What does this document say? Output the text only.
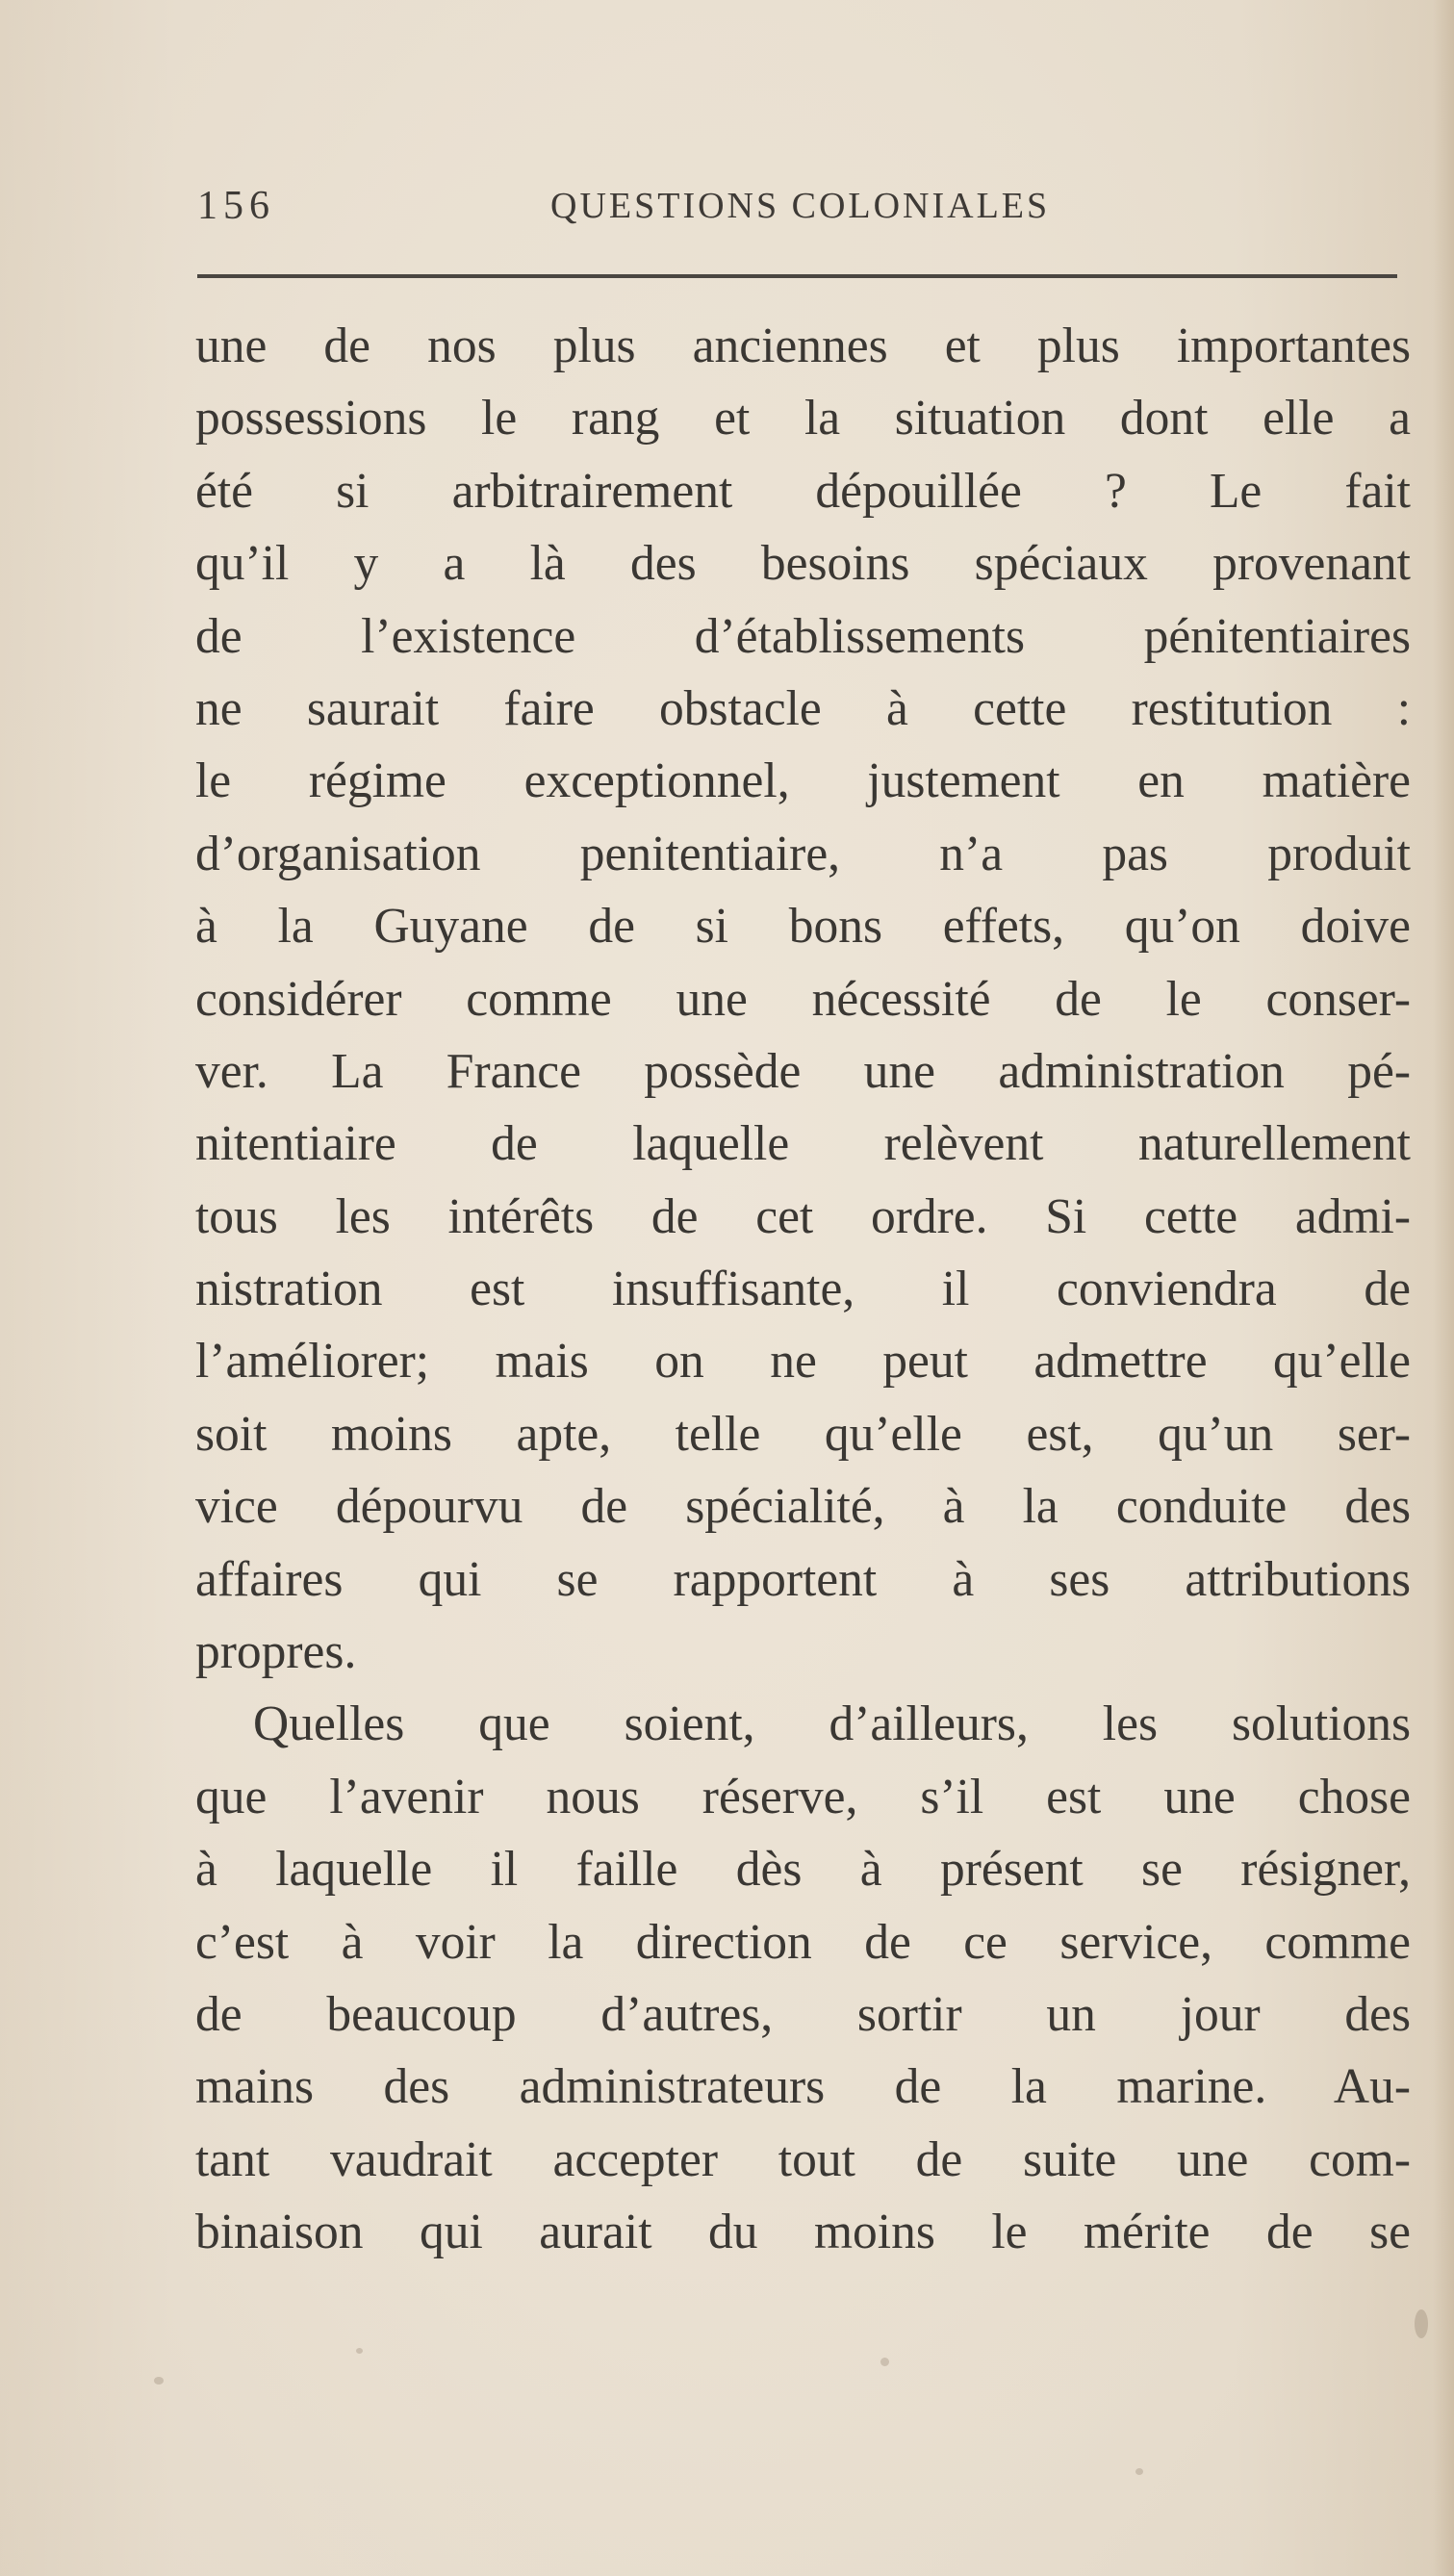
156	QUESTIONS COLONIALES
une de nos plus anciennes et plus importantes
possessions le rang et la situation dont elle a
été si arbitrairement dépouillée ? Le fait
qu’il y a là des besoins spéciaux provenant
de l’existence d’établissements pénitentiaires
ne saurait faire obstacle à cette restitution :
le régime exceptionnel, justement en matière
d’organisation penitentiaire, n’a pas produit
à la Guyane de si bons effets, qu’on doive
considérer comme une nécessité de le conser-
ver. La France possède une administration pé-
nitentiaire de laquelle relèvent naturellement
tous les intérêts de cet ordre. Si cette admi-
nistration est insuffisante, il conviendra de
l’améliorer; mais on ne peut admettre qu’elle
soit moins apte, telle qu’elle est, qu’un ser-
vice dépourvu de spécialité, à la conduite des
affaires qui se rapportent à ses attributions
propres.
Quelles que soient, d’ailleurs, les solutions
que l’avenir nous réserve, s’il est une chose
à laquelle il faille dès à présent se résigner,
c’est à voir la direction de ce service, comme
de beaucoup d’autres, sortir un jour des
mains des administrateurs de la marine. Au-
tant vaudrait accepter tout de suite une com-
binaison qui aurait du moins le mérite de se
